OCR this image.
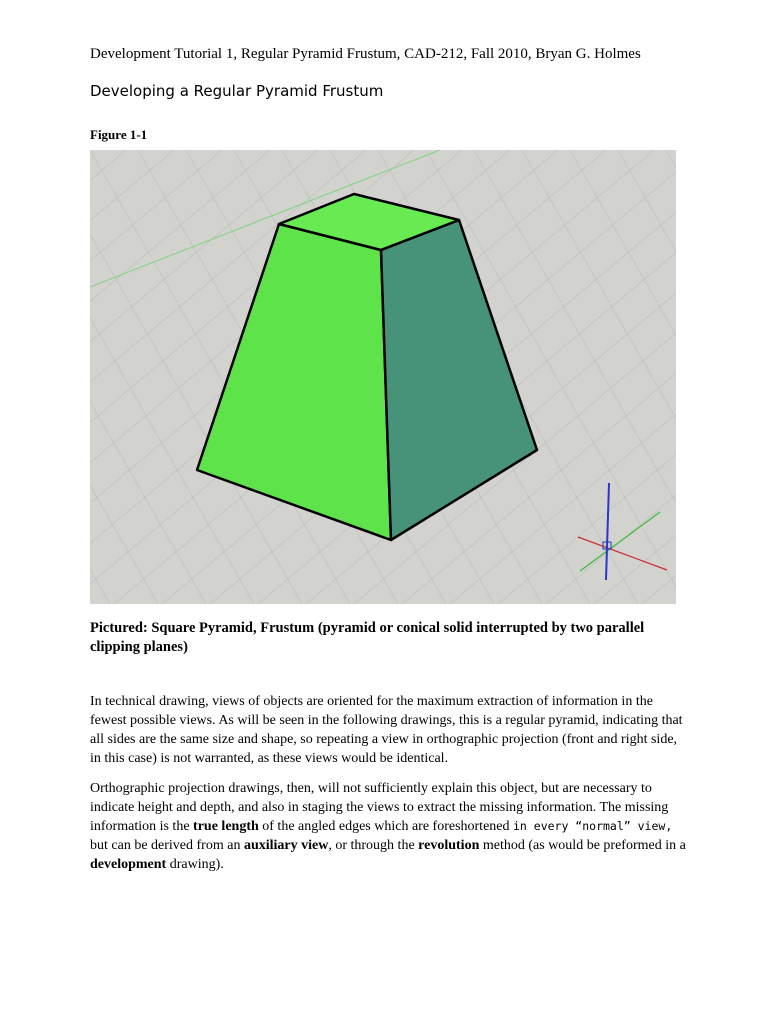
Development Tutorial 1, Regular Pyramid Frustum, CAD-212, Fall 2010, Bryan G. Holmes
Developing a Regular Pyramid Frustum
Figure 1-1
Pictured: Square Pyramid, Frustum (pyramid or conical solid interrupted by two parallel clipping planes)

In technical drawing, views of objects are oriented for the maximum extraction of information in the fewest possible views. As will be seen in the following drawings, this is a regular pyramid, indicating that all sides are the same size and shape, so repeating a view in orthographic projection (front and right side, in this case) is not warranted, as these views would be identical.

Orthographic projection drawings, then, will not sufficiently explain this object, but are necessary to indicate height and depth, and also in staging the views to extract the missing information. The missing information is the true length of the angled edges which are foreshortened in every “normal” view, but can be derived from an auxiliary view, or through the revolution method (as would be preformed in a development drawing).
